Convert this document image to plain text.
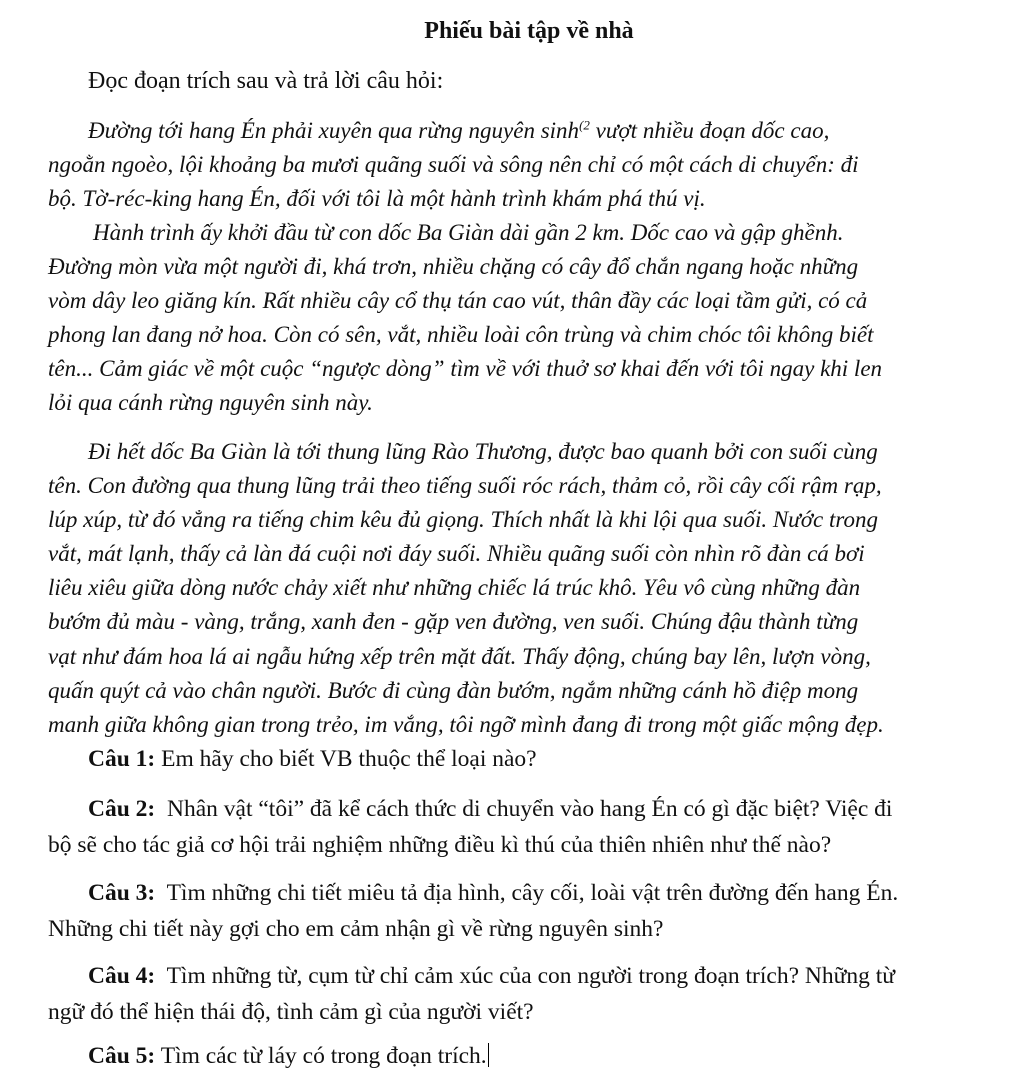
Phiếu bài tập về nhà
Đọc đoạn trích sau và trả lời câu hỏi:

Đường tới hang Én phải xuyên qua rừng nguyên $\sinh^{(2}$ vượt nhiều đoạn dốc cao,
ngoằn ngoèo, lội khoảng ba mươi quãng suối và sông nên chỉ có một cách di chuyển: đi
bộ. Tờ-réc-king hang Én, đối với tôi là một hành trình khám phá thú vị.

Hành trình ấy khởi đầu từ con dốc Ba Giàn dài gần 2 km. Dốc cao và gập ghềnh.
Đường mòn vừa một người đi, khá trơn, nhiều chặng có cây đổ chắn ngang hoặc những
vòm dây leo giăng kín. Rất nhiều cây cổ thụ tán cao vút, thân đầy các loại tầm gửi, có cả
phong lan đang nở hoa. Còn có sên, vắt, nhiều loài côn trùng và chim chóc tôi không biết
tên... Cảm giác về một cuộc “ngược dòng” tìm về với thuở sơ khai đến với tôi ngay khi len
lỏi qua cánh rừng nguyên sinh này.

Đi hết dốc Ba Giàn là tới thung lũng Rào Thương, được bao quanh bởi con suối cùng
tên. Con đường qua thung lũng trải theo tiếng suối róc rách, thảm cỏ, rồi cây cối rậm rạp,
lúp xúp, từ đó vẳng ra tiếng chim kêu đủ giọng. Thích nhất là khi lội qua suối. Nước trong
vắt, mát lạnh, thấy cả làn đá cuội nơi đáy suối. Nhiều quãng suối còn nhìn rõ đàn cá bơi
liêu xiêu giữa dòng nước chảy xiết như những chiếc lá trúc khô. Yêu vô cùng những đàn
bướm đủ màu - vàng, trắng, xanh đen - gặp ven đường, ven suối. Chúng đậu thành từng
vạt như đám hoa lá ai ngẫu hứng xếp trên mặt đất. Thấy động, chúng bay lên, lượn vòng,
quấn quýt cả vào chân người. Bước đi cùng đàn bướm, ngắm những cánh hồ điệp mong
manh giữa không gian trong trẻo, im vắng, tôi ngỡ mình đang đi trong một giấc mộng đẹp.

Câu 1: Em hãy cho biết VB thuộc thể loại nào?
Câu 2: Nhân vật “tôi” đã kể cách thức di chuyển vào hang Én có gì đặc biệt? Việc đi
bộ sẽ cho tác giả cơ hội trải nghiệm những điều kì thú của thiên nhiên như thế nào?
Câu 3: Tìm những chi tiết miêu tả địa hình, cây cối, loài vật trên đường đến hang Én.
Những chi tiết này gợi cho em cảm nhận gì về rừng nguyên sinh?
Câu 4: Tìm những từ, cụm từ chỉ cảm xúc của con người trong đoạn trích? Những từ
ngữ đó thể hiện thái độ, tình cảm gì của người viết?
Câu 5: Tìm các từ láy có trong đoạn trích.
